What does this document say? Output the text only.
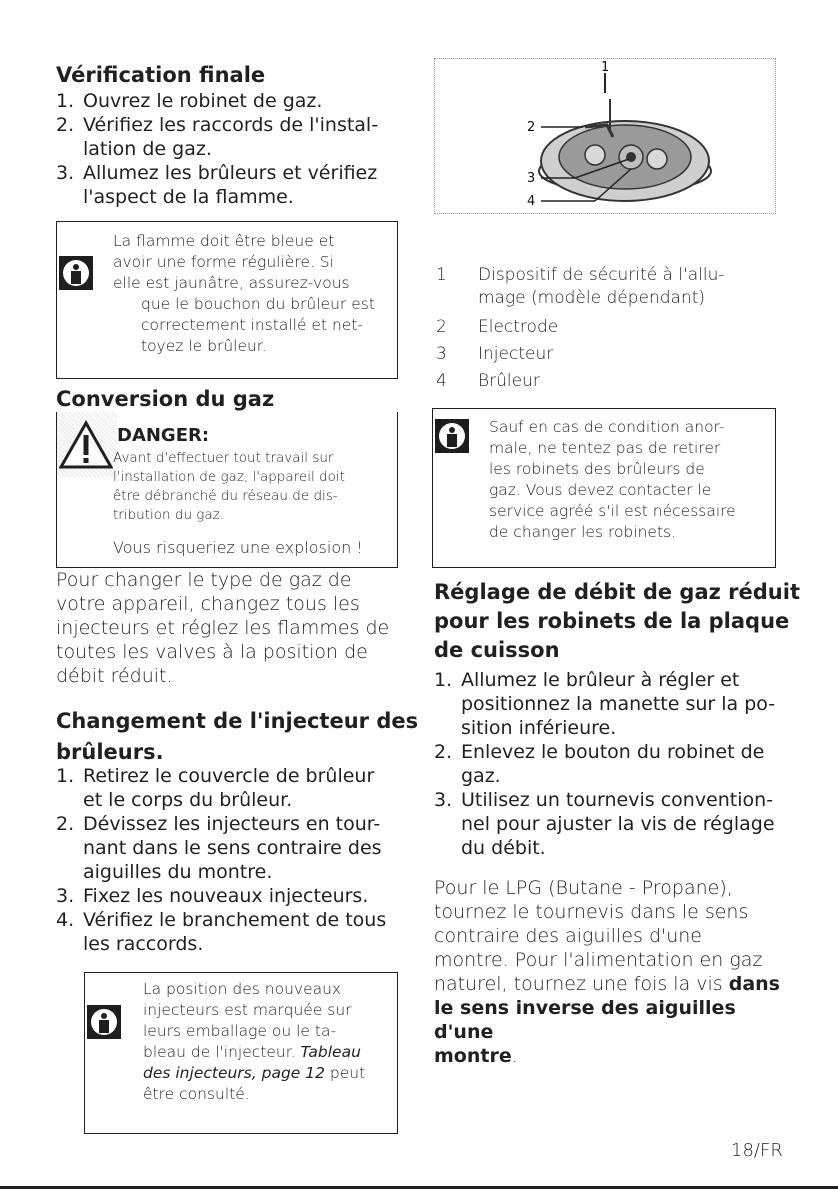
Vérification finale
1. Ouvrez le robinet de gaz.
2. Vérifiez les raccords de l'instal-
lation de gaz.
3. Allumez les brûleurs et vérifiez
l'aspect de la flamme.
La flamme doit être bleue et
avoir une forme régulière. Si
elle est jaunâtre, assurez-vous
que le bouchon du brûleur est
correctement installé et net-
toyez le brûleur.
Conversion du gaz
DANGER:
Avant d'effectuer tout travail sur
l'installation de gaz, l'appareil doit
être débranché du réseau de dis-
tribution du gaz.
Vous risqueriez une explosion !
Pour changer le type de gaz de
votre appareil, changez tous les
injecteurs et réglez les flammes de
toutes les valves à la position de
débit réduit.
Changement de l'injecteur des
brûleurs.
1. Retirez le couvercle de brûleur
et le corps du brûleur.
2. Dévissez les injecteurs en tour-
nant dans le sens contraire des
aiguilles du montre.
3. Fixez les nouveaux injecteurs.
4. Vérifiez le branchement de tous
les raccords.
La position des nouveaux
injecteurs est marquée sur
leurs emballage ou le ta-
bleau de l'injecteur. Tableau
des injecteurs, page 12 peut
être consulté.
1
2
3
4
1 Dispositif de sécurité à l'allu-
mage (modèle dépendant)
2 Electrode
3 Injecteur
4 Brûleur
Sauf en cas de condition anor-
male, ne tentez pas de retirer
les robinets des brûleurs de
gaz. Vous devez contacter le
service agréé s'il est nécessaire
de changer les robinets.
Réglage de débit de gaz réduit
pour les robinets de la plaque
de cuisson
1. Allumez le brûleur à régler et
positionnez la manette sur la po-
sition inférieure.
2. Enlevez le bouton du robinet de
gaz.
3. Utilisez un tournevis convention-
nel pour ajuster la vis de réglage
du débit.
Pour le LPG (Butane - Propane),
tournez le tournevis dans le sens
contraire des aiguilles d'une
montre. Pour l'alimentation en gaz
naturel, tournez une fois la vis dans
le sens inverse des aiguilles d'une
montre.
18/FR
